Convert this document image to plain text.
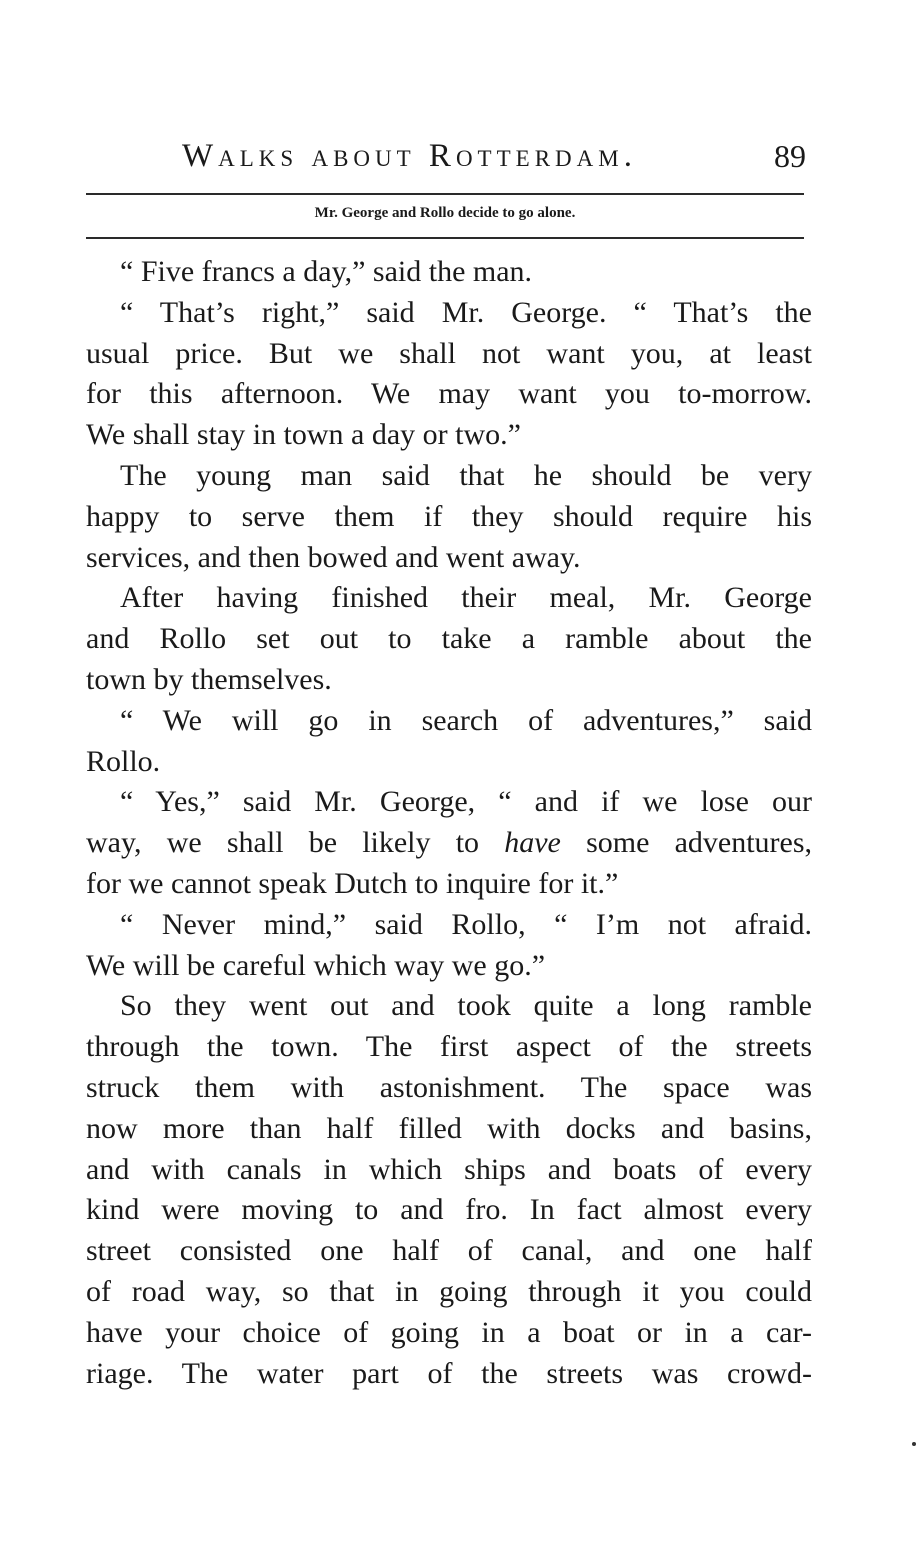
Walks about Rotterdam.	89
Mr. George and Rollo decide to go alone.
“ Five francs a day,” said the man.
“ That’s right,” said Mr. George. “ That’s the
usual price. But we shall not want you, at least
for this afternoon. We may want you to-morrow.
We shall stay in town a day or two.”
The young man said that he should be very
happy to serve them if they should require his
services, and then bowed and went away.
After having finished their meal, Mr. George
and Rollo set out to take a ramble about the
town by themselves.
“ We will go in search of adventures,” said
Rollo.
“ Yes,” said Mr. George, “ and if we lose our
way, we shall be likely to have some adventures,
for we cannot speak Dutch to inquire for it.”
“ Never mind,” said Rollo, “ I’m not afraid.
We will be careful which way we go.”
So they went out and took quite a long ramble
through the town. The first aspect of the streets
struck them with astonishment. The space was
now more than half filled with docks and basins,
and with canals in which ships and boats of every
kind were moving to and fro. In fact almost every
street consisted one half of canal, and one half
of road way, so that in going through it you could
have your choice of going in a boat or in a car-
riage. The water part of the streets was crowd-
